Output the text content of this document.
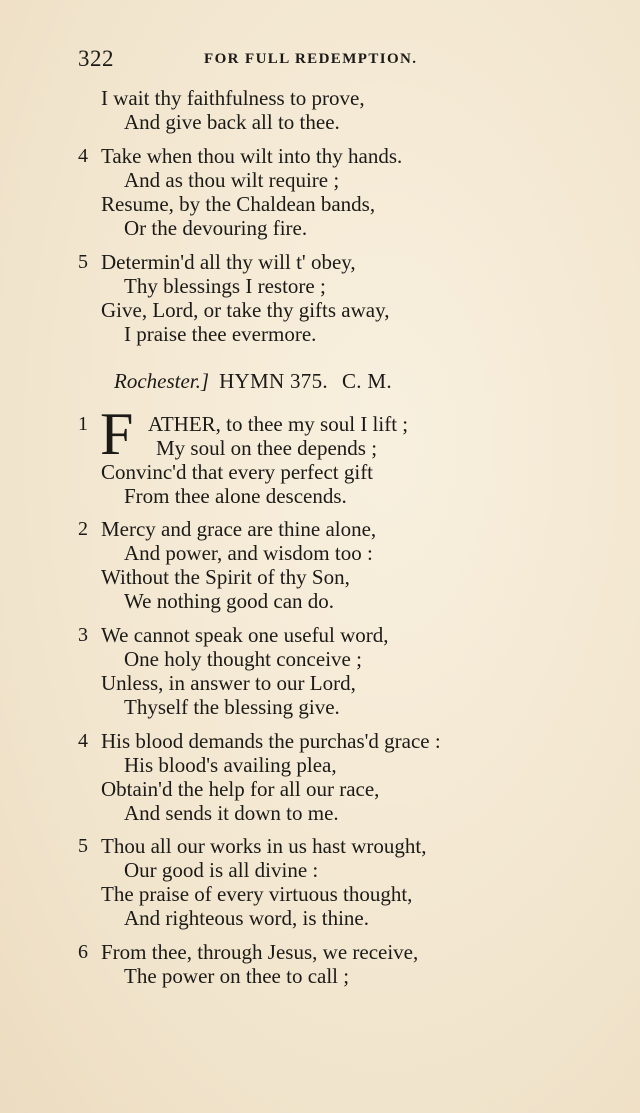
322	FOR FULL REDEMPTION.
I wait thy faithfulness to prove,
And give back all to thee.
4 Take when thou wilt into thy hands.
And as thou wilt require ;
Resume, by the Chaldean bands,
Or the devouring fire.
5 Determin'd all thy will t' obey,
Thy blessings I restore ;
Give, Lord, or take thy gifts away,
I praise thee evermore.
Rochester.] HYMN 375. C. M.
1 F ATHER, to thee my soul I lift ;
My soul on thee depends ;
Convinc'd that every perfect gift
From thee alone descends.
2 Mercy and grace are thine alone,
And power, and wisdom too :
Without the Spirit of thy Son,
We nothing good can do.
3 We cannot speak one useful word,
One holy thought conceive ;
Unless, in answer to our Lord,
Thyself the blessing give.
4 His blood demands the purchas'd grace :
His blood's availing plea,
Obtain'd the help for all our race,
And sends it down to me.
5 Thou all our works in us hast wrought,
Our good is all divine :
The praise of every virtuous thought,
And righteous word, is thine.
6 From thee, through Jesus, we receive,
The power on thee to call ;
